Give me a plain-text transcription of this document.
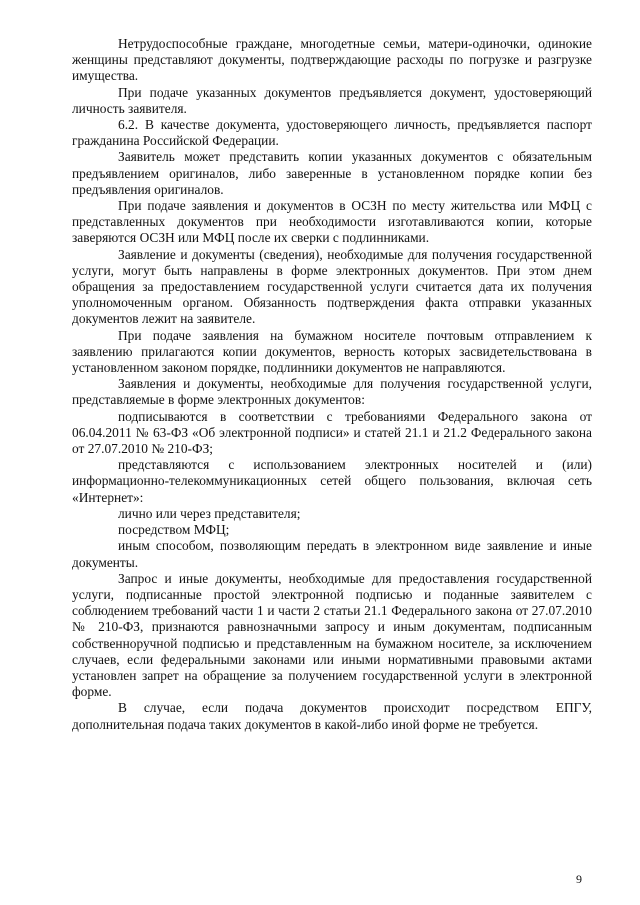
Нетрудоспособные граждане, многодетные семьи, матери-одиночки, одинокие женщины представляют документы, подтверждающие расходы по погрузке и разгрузке имущества.

При подаче указанных документов предъявляется документ, удостоверяющий личность заявителя.

6.2. В качестве документа, удостоверяющего личность, предъявляется паспорт гражданина Российской Федерации.

Заявитель может представить копии указанных документов с обязательным предъявлением оригиналов, либо заверенные в установленном порядке копии без предъявления оригиналов.

При подаче заявления и документов в ОСЗН по месту жительства или МФЦ с представленных документов при необходимости изготавливаются копии, которые заверяются ОСЗН или МФЦ после их сверки с подлинниками.

Заявление и документы (сведения), необходимые для получения государственной услуги, могут быть направлены в форме электронных документов. При этом днем обращения за предоставлением государственной услуги считается дата их получения уполномоченным органом. Обязанность подтверждения факта отправки указанных документов лежит на заявителе.

При подаче заявления на бумажном носителе почтовым отправлением к заявлению прилагаются копии документов, верность которых засвидетельствована в установленном законом порядке, подлинники документов не направляются.

Заявления и документы, необходимые для получения государственной услуги, представляемые в форме электронных документов:

подписываются в соответствии с требованиями Федерального закона от 06.04.2011 № 63-ФЗ «Об электронной подписи» и статей 21.1 и 21.2 Федерального закона от 27.07.2010 № 210-ФЗ;

представляются с использованием электронных носителей и (или) информационно-телекоммуникационных сетей общего пользования, включая сеть «Интернет»:

лично или через представителя;

посредством МФЦ;

иным способом, позволяющим передать в электронном виде заявление и иные документы.

Запрос и иные документы, необходимые для предоставления государственной услуги, подписанные простой электронной подписью и поданные заявителем с соблюдением требований части 1 и части 2 статьи 21.1 Федерального закона от 27.07.2010 № 210-ФЗ, признаются равнозначными запросу и иным документам, подписанным собственноручной подписью и представленным на бумажном носителе, за исключением случаев, если федеральными законами или иными нормативными правовыми актами установлен запрет на обращение за получением государственной услуги в электронной форме.

В случае, если подача документов происходит посредством ЕПГУ, дополнительная подача таких документов в какой-либо иной форме не требуется.

9
